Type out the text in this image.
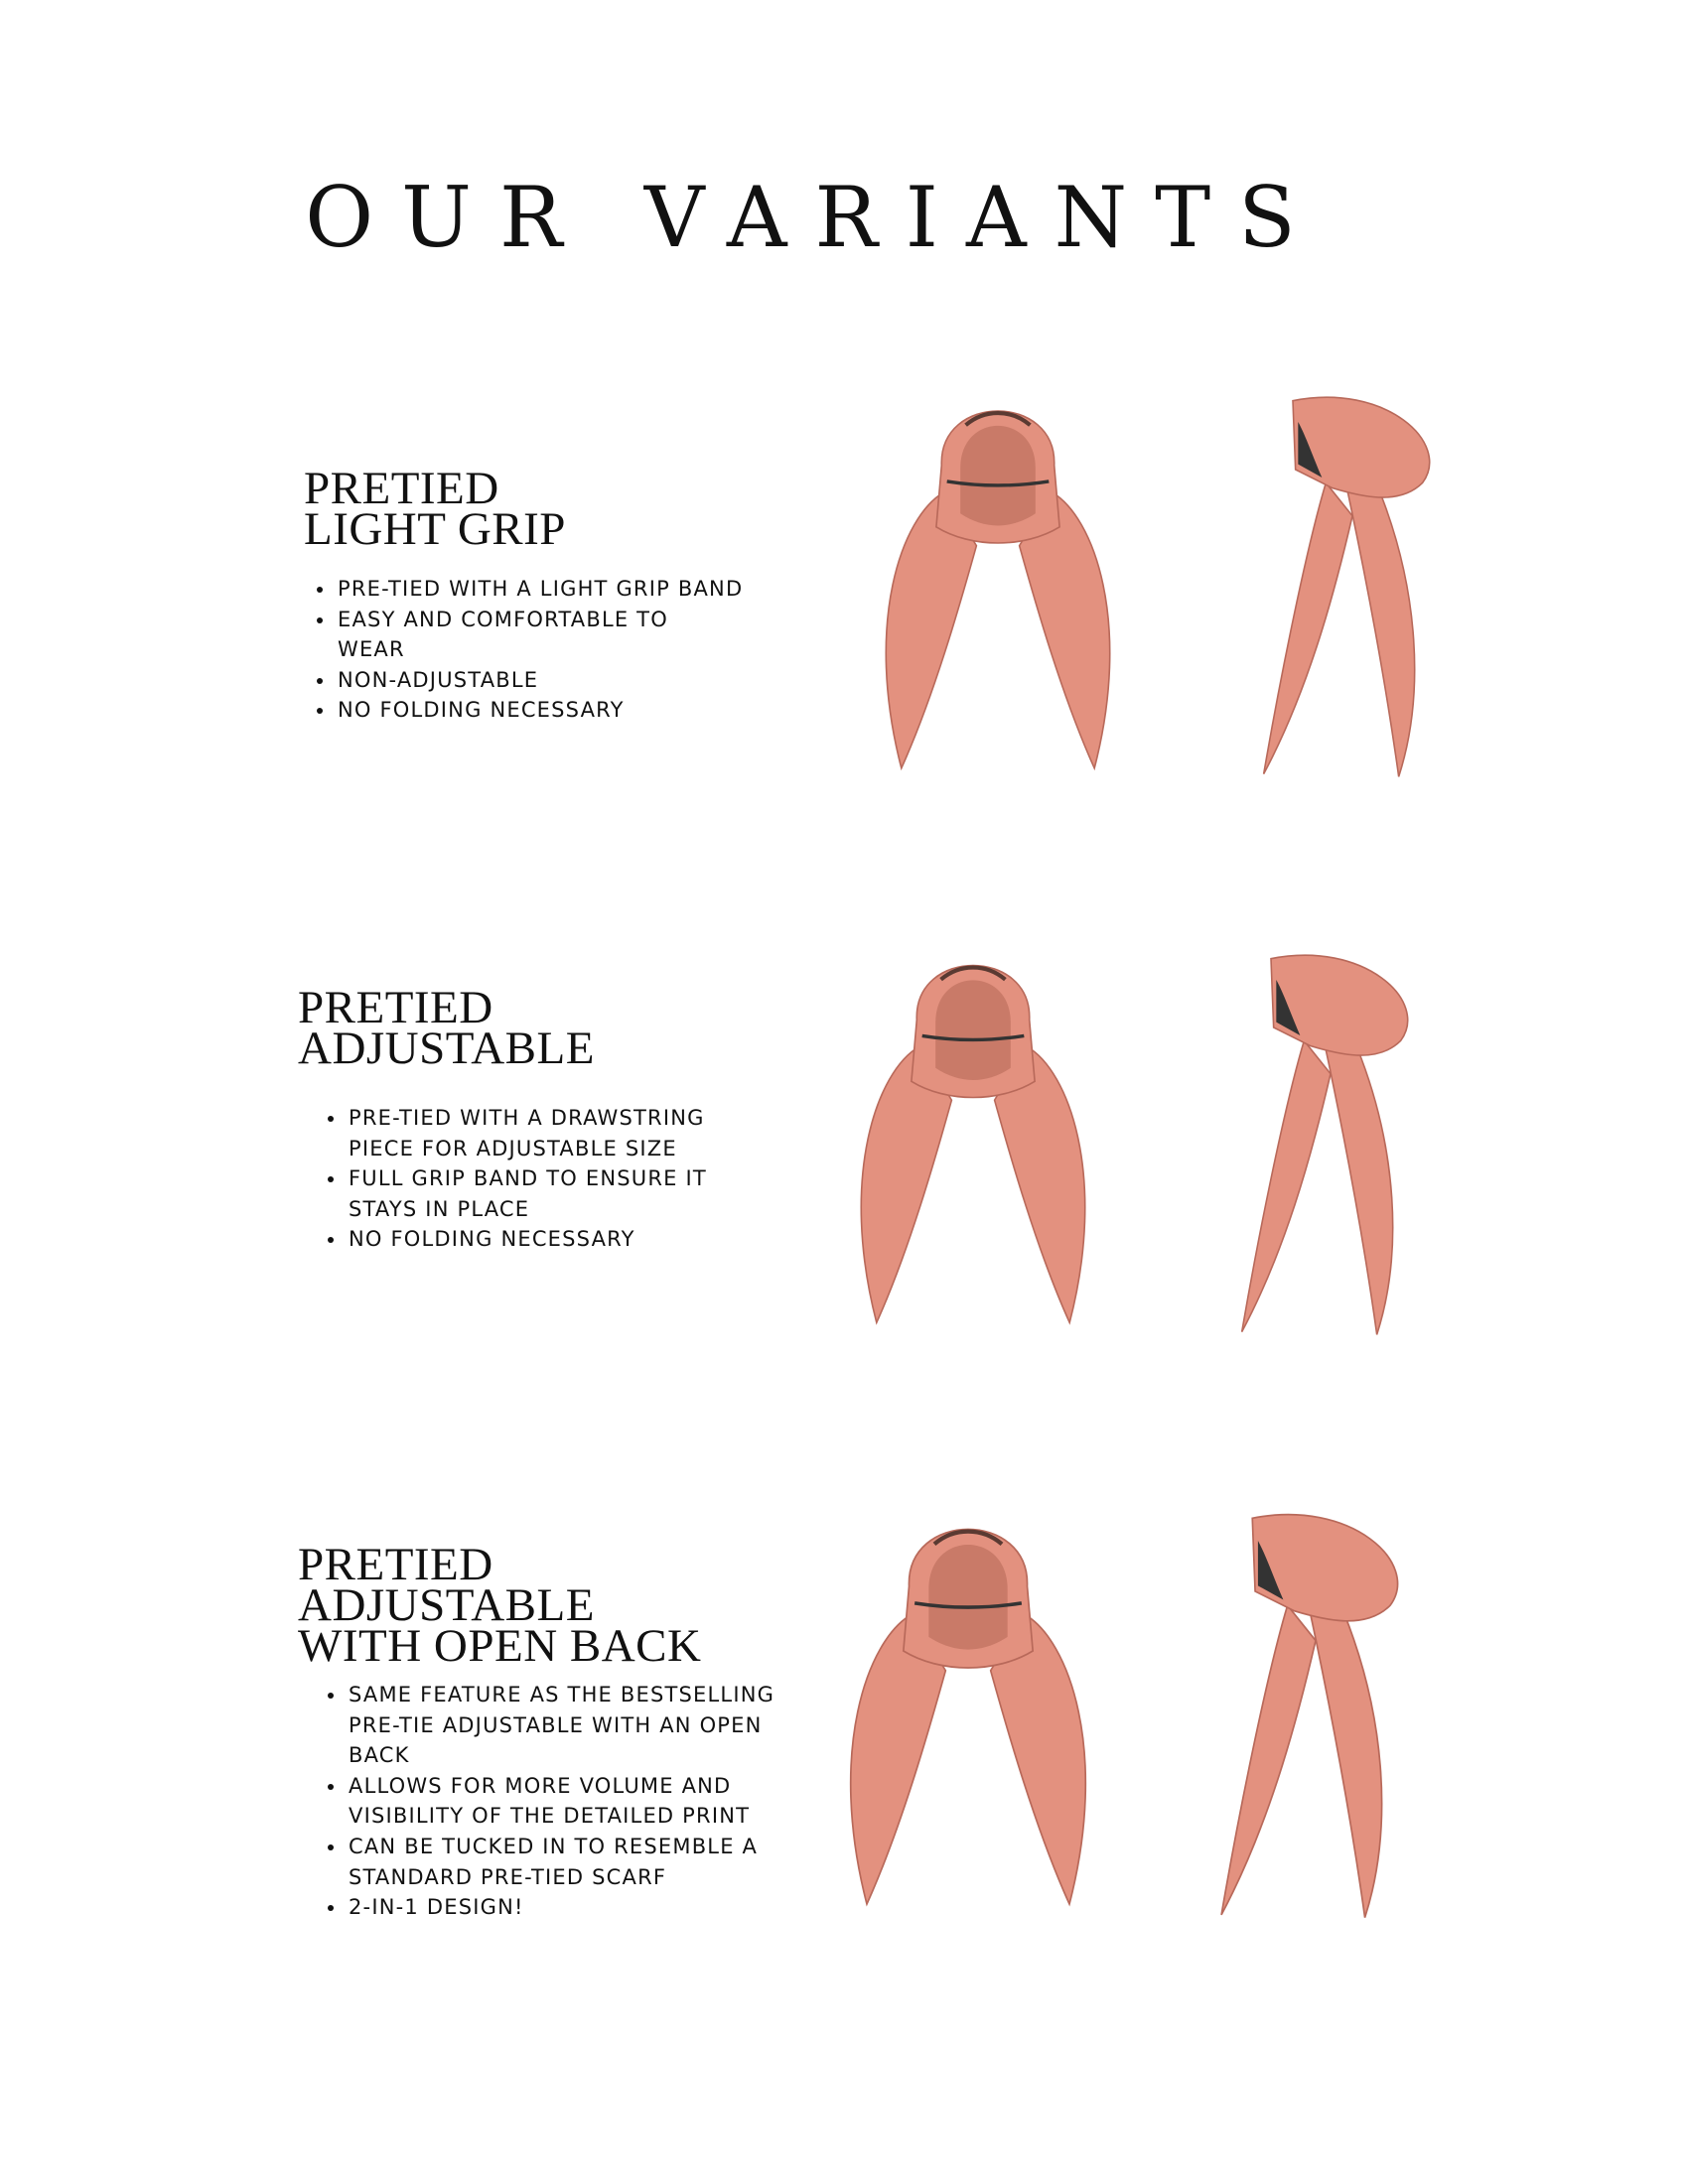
OUR VARIANTS
PRETIED
LIGHT GRIP
• PRE-TIED WITH A LIGHT GRIP BAND
• EASY AND COMFORTABLE TO WEAR
• NON-ADJUSTABLE
• NO FOLDING NECESSARY
PRETIED
ADJUSTABLE
• PRE-TIED WITH A DRAWSTRING PIECE FOR ADJUSTABLE SIZE
• FULL GRIP BAND TO ENSURE IT STAYS IN PLACE
• NO FOLDING NECESSARY
PRETIED
ADJUSTABLE
WITH OPEN BACK
• SAME FEATURE AS THE BESTSELLING PRE-TIE ADJUSTABLE WITH AN OPEN BACK
• ALLOWS FOR MORE VOLUME AND VISIBILITY OF THE DETAILED PRINT
• CAN BE TUCKED IN TO RESEMBLE A STANDARD PRE-TIED SCARF
• 2-IN-1 DESIGN!
